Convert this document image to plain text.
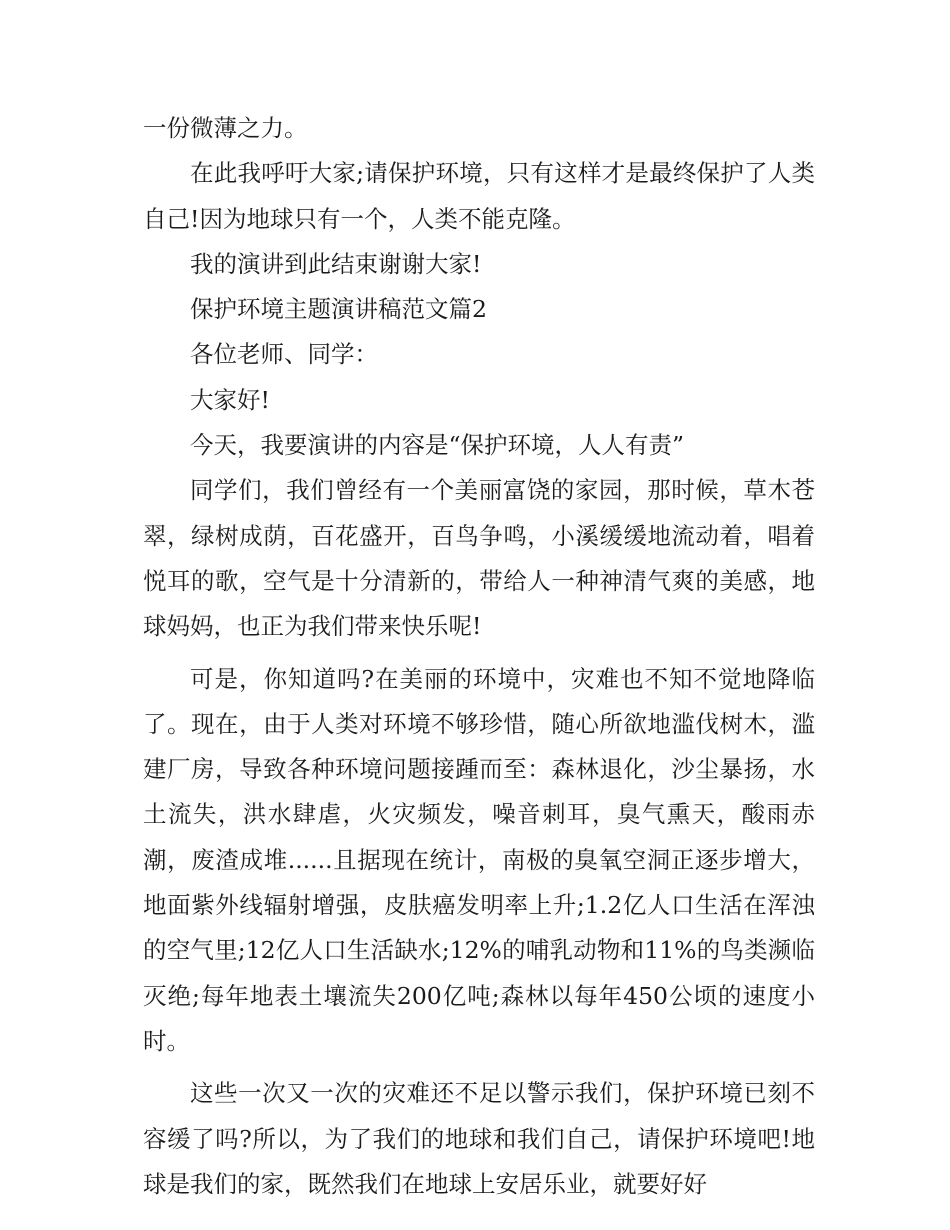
一份微薄之力。

在此我呼吁大家;请保护环境，只有这样才是最终保护了人类自己!因为地球只有一个，人类不能克隆。

我的演讲到此结束谢谢大家!

保护环境主题演讲稿范文篇2

各位老师、同学：

大家好!

今天，我要演讲的内容是“保护环境，人人有责”

同学们，我们曾经有一个美丽富饶的家园，那时候，草木苍翠，绿树成荫，百花盛开，百鸟争鸣，小溪缓缓地流动着，唱着悦耳的歌，空气是十分清新的，带给人一种神清气爽的美感，地球妈妈，也正为我们带来快乐呢!

可是，你知道吗?在美丽的环境中，灾难也不知不觉地降临了。现在，由于人类对环境不够珍惜，随心所欲地滥伐树木，滥建厂房，导致各种环境问题接踵而至：森林退化，沙尘暴扬，水土流失，洪水肆虐，火灾频发，噪音刺耳，臭气熏天，酸雨赤潮，废渣成堆......且据现在统计，南极的臭氧空洞正逐步增大，地面紫外线辐射增强，皮肤癌发明率上升;1.2亿人口生活在浑浊的空气里;12亿人口生活缺水;12%的哺乳动物和11%的鸟类濒临灭绝;每年地表土壤流失200亿吨;森林以每年450公顷的速度小时。

这些一次又一次的灾难还不足以警示我们，保护环境已刻不容缓了吗?所以，为了我们的地球和我们自己，请保护环境吧!地球是我们的家，既然我们在地球上安居乐业，就要好好
